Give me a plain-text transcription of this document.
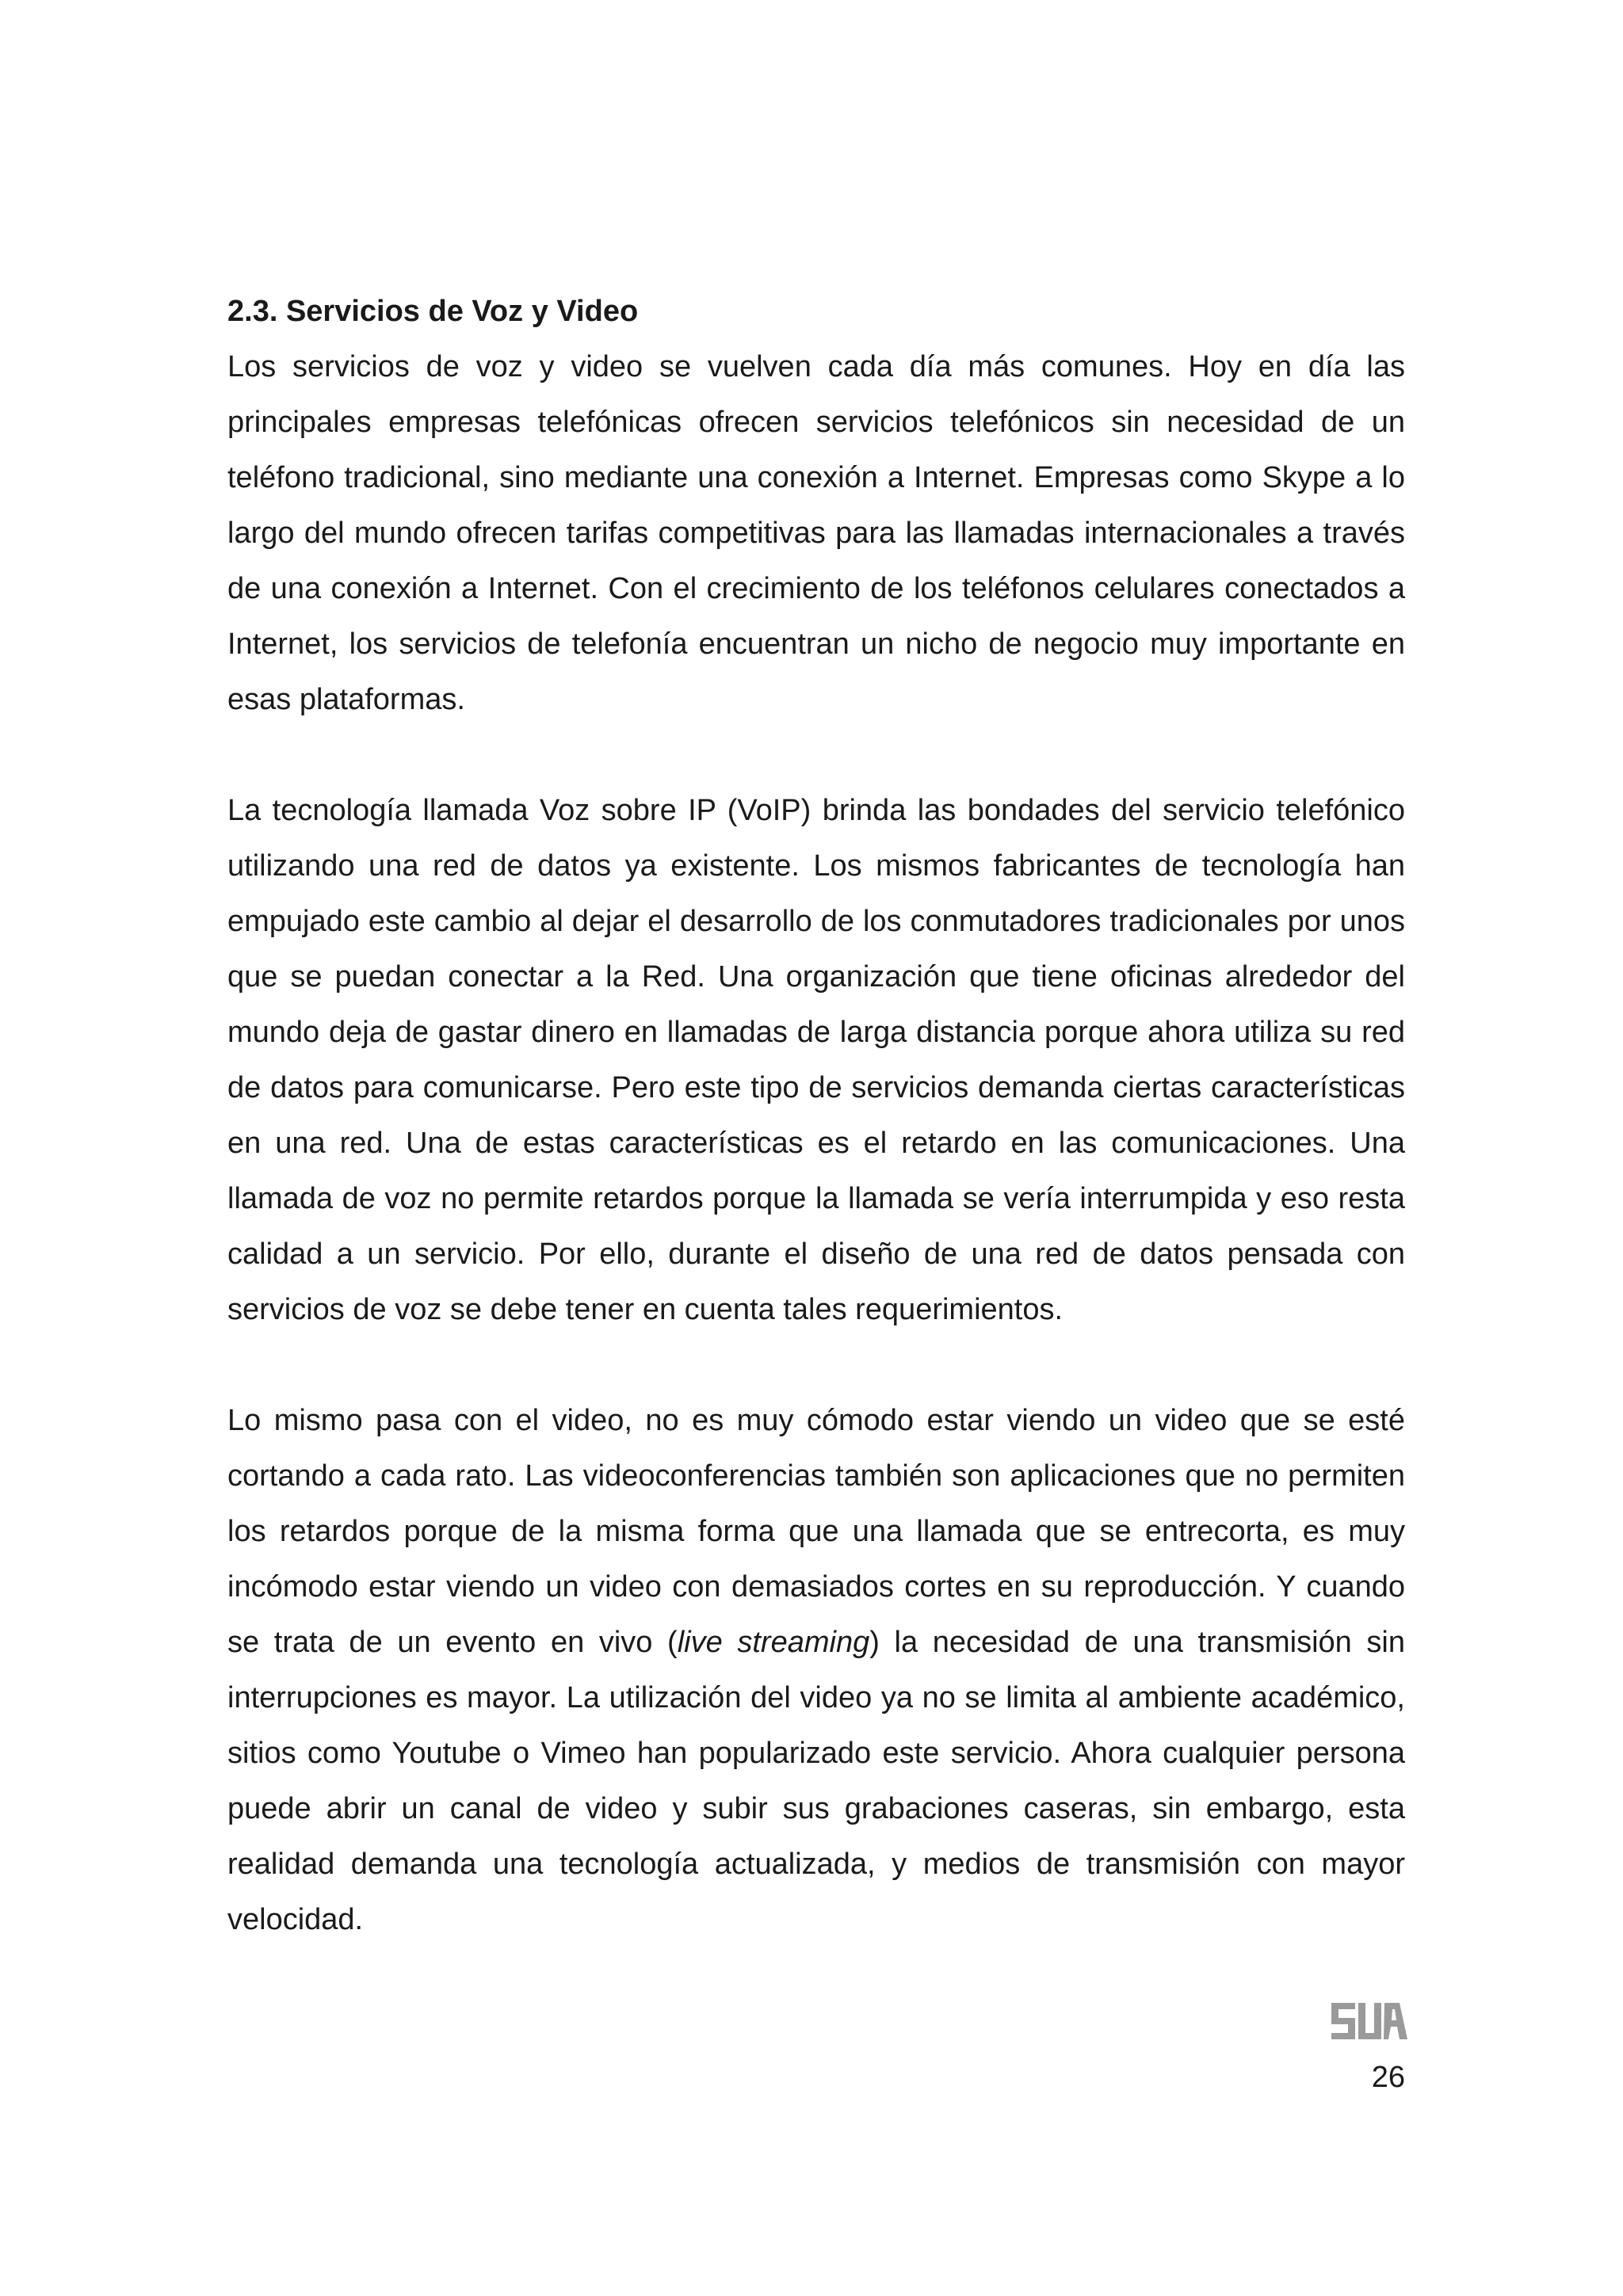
2.3. Servicios de Voz y Video

Los servicios de voz y video se vuelven cada día más comunes. Hoy en día las principales empresas telefónicas ofrecen servicios telefónicos sin necesidad de un teléfono tradicional, sino mediante una conexión a Internet. Empresas como Skype a lo largo del mundo ofrecen tarifas competitivas para las llamadas internacionales a través de una conexión a Internet. Con el crecimiento de los teléfonos celulares conectados a Internet, los servicios de telefonía encuentran un nicho de negocio muy importante en esas plataformas.

La tecnología llamada Voz sobre IP (VoIP) brinda las bondades del servicio telefónico utilizando una red de datos ya existente. Los mismos fabricantes de tecnología han empujado este cambio al dejar el desarrollo de los conmutadores tradicionales por unos que se puedan conectar a la Red. Una organización que tiene oficinas alrededor del mundo deja de gastar dinero en llamadas de larga distancia porque ahora utiliza su red de datos para comunicarse. Pero este tipo de servicios demanda ciertas características en una red. Una de estas características es el retardo en las comunicaciones. Una llamada de voz no permite retardos porque la llamada se vería interrumpida y eso resta calidad a un servicio. Por ello, durante el diseño de una red de datos pensada con servicios de voz se debe tener en cuenta tales requerimientos.

Lo mismo pasa con el video, no es muy cómodo estar viendo un video que se esté cortando a cada rato. Las videoconferencias también son aplicaciones que no permiten los retardos porque de la misma forma que una llamada que se entrecorta, es muy incómodo estar viendo un video con demasiados cortes en su reproducción. Y cuando se trata de un evento en vivo (live streaming) la necesidad de una transmisión sin interrupciones es mayor. La utilización del video ya no se limita al ambiente académico, sitios como Youtube o Vimeo han popularizado este servicio. Ahora cualquier persona puede abrir un canal de video y subir sus grabaciones caseras, sin embargo, esta realidad demanda una tecnología actualizada, y medios de transmisión con mayor velocidad.

26
